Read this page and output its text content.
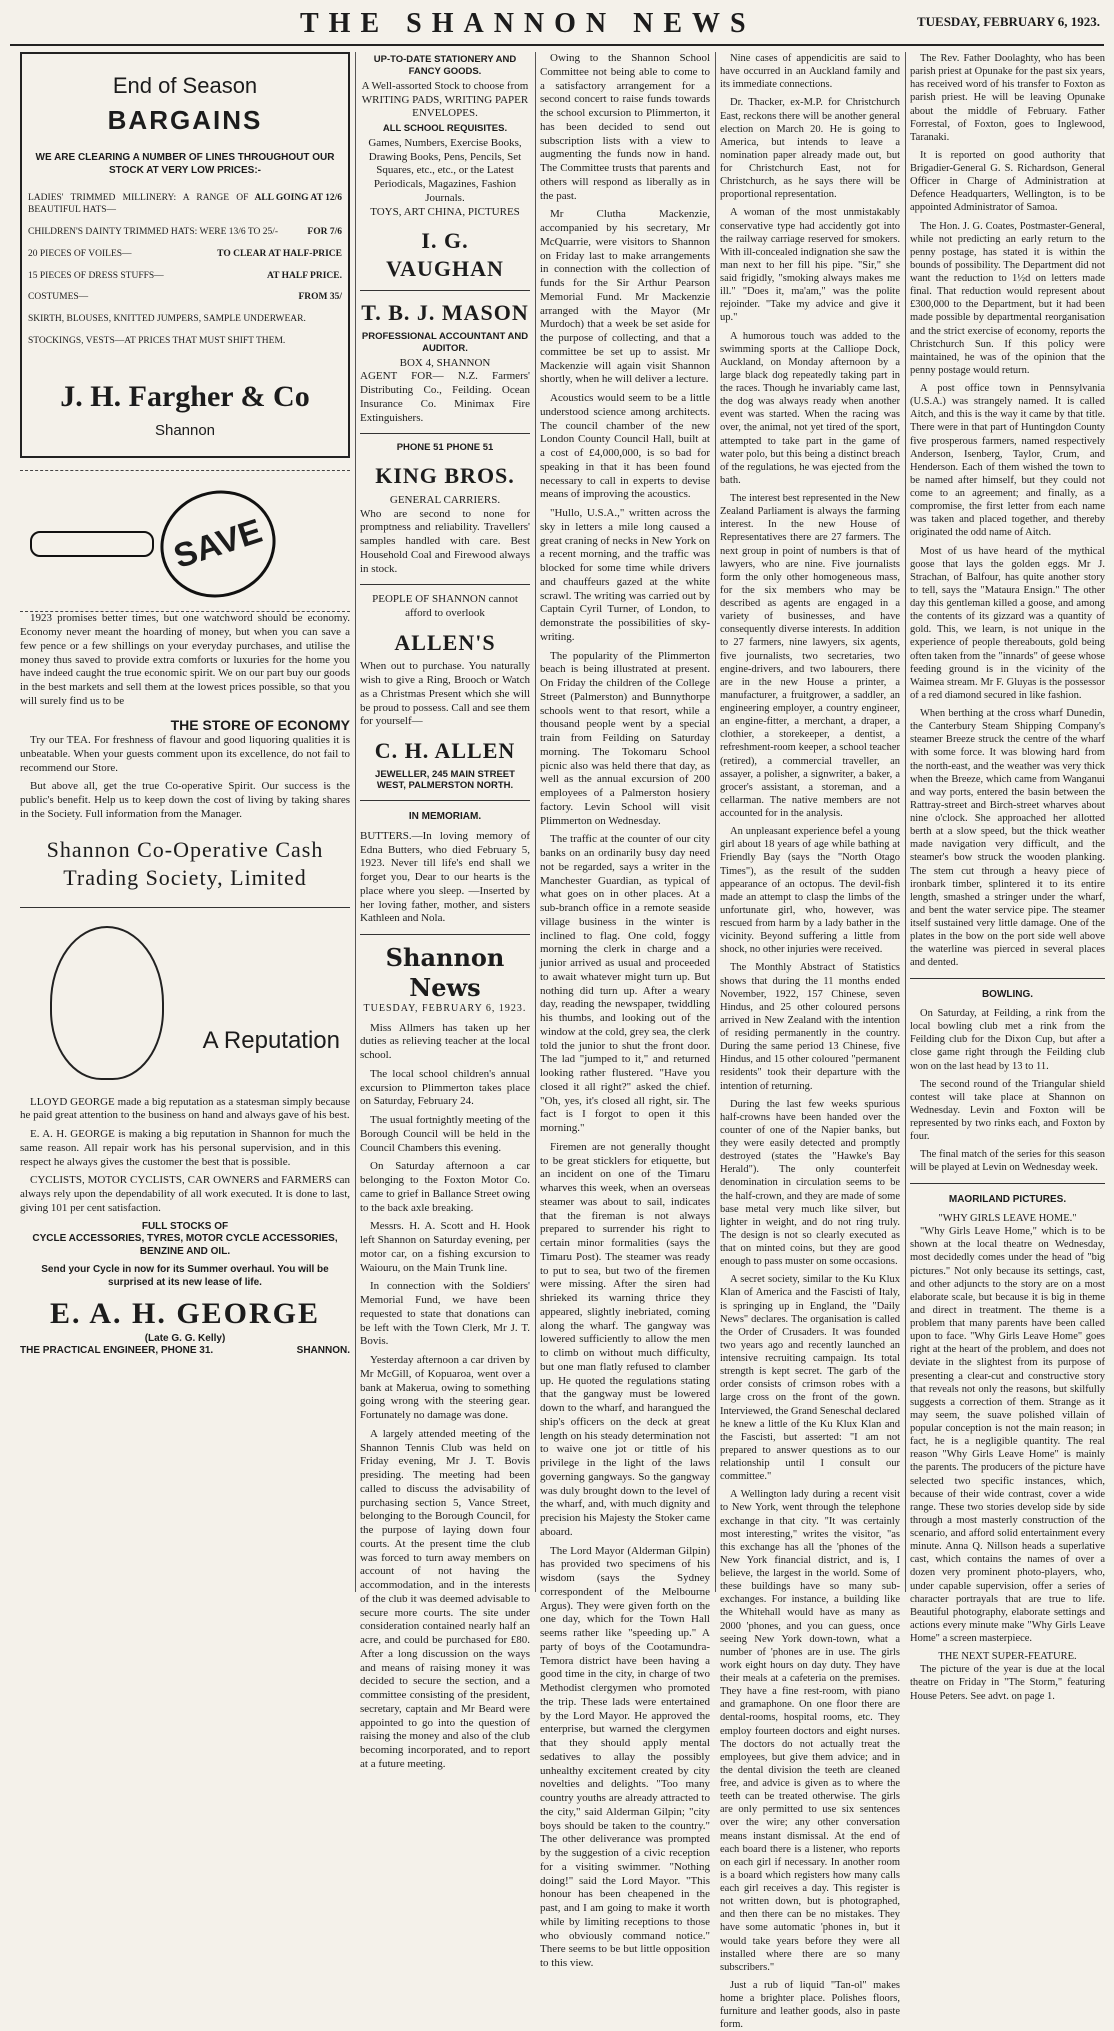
THE SHANNON NEWS	TUESDAY, FEBRUARY 6, 1923.
End of Season
BARGAINS
WE ARE CLEARING A NUMBER OF LINES THROUGHOUT OUR STOCK AT VERY LOW PRICES:-
LADIES' TRIMMED MILLINERY: A RANGE OF BEAUTIFUL HATS—
ALL GOING AT 12/6
CHILDREN'S DAINTY TRIMMED HATS: WERE 13/6 TO 25/-	FOR 7/6
20 PIECES OF VOILES—	TO CLEAR AT HALF-PRICE
15 PIECES OF DRESS STUFFS—	AT HALF PRICE.
COSTUMES—	FROM 35/
SKIRTH, BLOUSES, KNITTED JUMPERS, SAMPLE UNDERWEAR.
STOCKINGS, VESTS—AT PRICES THAT MUST SHIFT THEM.
J. H. Fargher & Co
Shannon
SAVE

1923 promises better times, but one watchword should be economy. Economy never meant the hoarding of money, but when you can save a few pence or a few shillings on your everyday purchases, and utilise the money thus saved to provide extra comforts or luxuries for the home you have indeed caught the true economic spirit. We on our part buy our goods in the best markets and sell them at the lowest prices possible, so that you will surely find us to be

THE STORE OF ECONOMY

Try our TEA. For freshness of flavour and good liquoring qualities it is unbeatable. When your guests comment upon its excellence, do not fail to recommend our Store.

But above all, get the true Co-operative Spirit. Our success is the public's benefit. Help us to keep down the cost of living by taking shares in the Society. Full information from the Manager.

Shannon Co-Operative Cash Trading Society, Limited
A Reputation

LLOYD GEORGE made a big reputation as a statesman simply because he paid great attention to the business on hand and always gave of his best.

E. A. H. GEORGE is making a big reputation in Shannon for much the same reason. All repair work has his personal supervision, and in this respect he always gives the customer the best that is possible.

CYCLISTS, MOTOR CYCLISTS, CAR OWNERS and FARMERS can always rely upon the dependability of all work executed. It is done to last, giving 101 per cent satisfaction.

FULL STOCKS OF
CYCLE ACCESSORIES, TYRES, MOTOR CYCLE ACCESSORIES, BENZINE AND OIL.
Send your Cycle in now for its Summer overhaul. You will be surprised at its new lease of life.
E. A. H. GEORGE
(Late G. G. Kelly)
THE PRACTICAL ENGINEER, PHONE 31.	SHANNON.
UP-TO-DATE STATIONERY AND FANCY GOODS.
A Well-assorted Stock to choose from WRITING PADS, WRITING PAPER ENVELOPES.
ALL SCHOOL REQUISITES.
Games, Numbers, Exercise Books, Drawing Books, Pens, Pencils, Set Squares, etc., etc., or the Latest Periodicals, Magazines, Fashion Journals.
TOYS, ART CHINA, PICTURES
I. G. VAUGHAN
T. B. J. MASON
PROFESSIONAL ACCOUNTANT AND AUDITOR.
BOX 4, SHANNON
AGENT FOR— N.Z. Farmers' Distributing Co., Feilding. Ocean Insurance Co. Minimax Fire Extinguishers.
PHONE 51 PHONE 51
KING BROS.
GENERAL CARRIERS.
Who are second to none for promptness and reliability. Travellers' samples handled with care. Best Household Coal and Firewood always in stock.
PEOPLE OF SHANNON cannot afford to overlook
ALLEN'S
When out to purchase. You naturally wish to give a Ring, Brooch or Watch as a Christmas Present which she will be proud to possess. Call and see them for yourself—
C. H. ALLEN
JEWELLER, 245 MAIN STREET WEST, PALMERSTON NORTH.
IN MEMORIAM.
BUTTERS.—In loving memory of Edna Butters, who died February 5, 1923. Never till life's end shall we forget you, Dear to our hearts is the place where you sleep. —Inserted by her loving father, mother, and sisters Kathleen and Nola.
Shannon News
TUESDAY, FEBRUARY 6, 1923.

Miss Allmers has taken up her duties as relieving teacher at the local school.

The local school children's annual excursion to Plimmerton takes place on Saturday, February 24.

The usual fortnightly meeting of the Borough Council will be held in the Council Chambers this evening.

On Saturday afternoon a car belonging to the Foxton Motor Co. came to grief in Ballance Street owing to the back axle breaking.

Messrs. H. A. Scott and H. Hook left Shannon on Saturday evening, per motor car, on a fishing excursion to Waiouru, on the Main Trunk line.

In connection with the Soldiers' Memorial Fund, we have been requested to state that donations can be left with the Town Clerk, Mr J. T. Bovis.

Yesterday afternoon a car driven by Mr McGill, of Kopuaroa, went over a bank at Makerua, owing to something going wrong with the steering gear. Fortunately no damage was done.

A largely attended meeting of the Shannon Tennis Club was held on Friday evening, Mr J. T. Bovis presiding. The meeting had been called to discuss the advisability of purchasing section 5, Vance Street, belonging to the Borough Council, for the purpose of laying down four courts. At the present time the club was forced to turn away members on account of not having the accommodation, and in the interests of the club it was deemed advisable to secure more courts. The site under consideration contained nearly half an acre, and could be purchased for £80. After a long discussion on the ways and means of raising money it was decided to secure the section, and a committee consisting of the president, secretary, captain and Mr Beard were appointed to go into the question of raising the money and also of the club becoming incorporated, and to report at a future meeting.

Owing to the Shannon School Committee not being able to come to a satisfactory arrangement for a second concert to raise funds towards the school excursion to Plimmerton, it has been decided to send out subscription lists with a view to augmenting the funds now in hand. The Committee trusts that parents and others will respond as liberally as in the past.

Mr Clutha Mackenzie, accompanied by his secretary, Mr McQuarrie, were visitors to Shannon on Friday last to make arrangements in connection with the collection of funds for the Sir Arthur Pearson Memorial Fund. Mr Mackenzie arranged with the Mayor (Mr Murdoch) that a week be set aside for the purpose of collecting, and that a committee be set up to assist. Mr Mackenzie will again visit Shannon shortly, when he will deliver a lecture.

Acoustics would seem to be a little understood science among architects. The council chamber of the new London County Council Hall, built at a cost of £4,000,000, is so bad for speaking in that it has been found necessary to call in experts to devise means of improving the acoustics.

"Hullo, U.S.A.," written across the sky in letters a mile long caused a great craning of necks in New York on a recent morning, and the traffic was blocked for some time while drivers and chauffeurs gazed at the white scrawl. The writing was carried out by Captain Cyril Turner, of London, to demonstrate the possibilities of sky-writing.

The popularity of the Plimmerton beach is being illustrated at present. On Friday the children of the College Street (Palmerston) and Bunnythorpe schools went to that resort, while a thousand people went by a special train from Feilding on Saturday morning. The Tokomaru School picnic also was held there that day, as well as the annual excursion of 200 employees of a Palmerston hosiery factory. Levin School will visit Plimmerton on Wednesday.

The traffic at the counter of our city banks on an ordinarily busy day need not be regarded, says a writer in the Manchester Guardian, as typical of what goes on in other places. At a sub-branch office in a remote seaside village business in the winter is inclined to flag. One cold, foggy morning the clerk in charge and a junior arrived as usual and proceeded to await whatever might turn up. But nothing did turn up. After a weary day, reading the newspaper, twiddling his thumbs, and looking out of the window at the cold, grey sea, the clerk told the junior to shut the front door. The lad "jumped to it," and returned looking rather flustered. "Have you closed it all right?" asked the chief. "Oh, yes, it's closed all right, sir. The fact is I forgot to open it this morning."

Firemen are not generally thought to be great sticklers for etiquette, but an incident on one of the Timaru wharves this week, when an overseas steamer was about to sail, indicates that the fireman is not always prepared to surrender his right to certain minor formalities (says the Timaru Post). The steamer was ready to put to sea, but two of the firemen were missing. After the siren had shrieked its warning thrice they appeared, slightly inebriated, coming along the wharf. The gangway was lowered sufficiently to allow the men to climb on without much difficulty, but one man flatly refused to clamber up. He quoted the regulations stating that the gangway must be lowered down to the wharf, and harangued the ship's officers on the deck at great length on his steady determination not to waive one jot or tittle of his privilege in the light of the laws governing gangways. So the gangway was duly brought down to the level of the wharf, and, with much dignity and precision his Majesty the Stoker came aboard.

The Lord Mayor (Alderman Gilpin) has provided two specimens of his wisdom (says the Sydney correspondent of the Melbourne Argus). They were given forth on the one day, which for the Town Hall seems rather like "speeding up." A party of boys of the Cootamundra-Temora district have been having a good time in the city, in charge of two Methodist clergymen who promoted the trip. These lads were entertained by the Lord Mayor. He approved the enterprise, but warned the clergymen that they should apply mental sedatives to allay the possibly unhealthy excitement created by city novelties and delights. "Too many country youths are already attracted to the city," said Alderman Gilpin; "city boys should be taken to the country." The other deliverance was prompted by the suggestion of a civic reception for a visiting swimmer. "Nothing doing!" said the Lord Mayor. "This honour has been cheapened in the past, and I am going to make it worth while by limiting receptions to those who obviously command notice." There seems to be but little opposition to this view.

Nine cases of appendicitis are said to have occurred in an Auckland family and its immediate connections.

Dr. Thacker, ex-M.P. for Christchurch East, reckons there will be another general election on March 20. He is going to America, but intends to leave a nomination paper already made out, but for Christchurch East, not for Christchurch, as he says there will be proportional representation.

A woman of the most unmistakably conservative type had accidently got into the railway carriage reserved for smokers. With ill-concealed indignation she saw the man next to her fill his pipe. "Sir," she said frigidly, "smoking always makes me ill." "Does it, ma'am," was the polite rejoinder. "Take my advice and give it up."

A humorous touch was added to the swimming sports at the Calliope Dock, Auckland, on Monday afternoon by a large black dog repeatedly taking part in the races. Though he invariably came last, the dog was always ready when another event was started. When the racing was over, the animal, not yet tired of the sport, attempted to take part in the game of water polo, but this being a distinct breach of the regulations, he was ejected from the bath.

The interest best represented in the New Zealand Parliament is always the farming interest. In the new House of Representatives there are 27 farmers. The next group in point of numbers is that of lawyers, who are nine. Five journalists form the only other homogeneous mass, for the six members who may be described as agents are engaged in a variety of businesses, and have consequently diverse interests. In addition to 27 farmers, nine lawyers, six agents, five journalists, two secretaries, two engine-drivers, and two labourers, there are in the new House a printer, a manufacturer, a fruitgrower, a saddler, an engineering employer, a country engineer, an engine-fitter, a merchant, a draper, a clothier, a storekeeper, a dentist, a refreshment-room keeper, a school teacher (retired), a commercial traveller, an assayer, a polisher, a signwriter, a baker, a grocer's assistant, a storeman, and a cellarman. The native members are not accounted for in the analysis.

An unpleasant experience befel a young girl about 18 years of age while bathing at Friendly Bay (says the "North Otago Times"), as the result of the sudden appearance of an octopus. The devil-fish made an attempt to clasp the limbs of the unfortunate girl, who, however, was rescued from harm by a lady bather in the vicinity. Beyond suffering a little from shock, no other injuries were received.

The Monthly Abstract of Statistics shows that during the 11 months ended November, 1922, 157 Chinese, seven Hindus, and 25 other coloured persons arrived in New Zealand with the intention of residing permanently in the country. During the same period 13 Chinese, five Hindus, and 15 other coloured "permanent residents" took their departure with the intention of returning.

During the last few weeks spurious half-crowns have been handed over the counter of one of the Napier banks, but they were easily detected and promptly destroyed (states the "Hawke's Bay Herald"). The only counterfeit denomination in circulation seems to be the half-crown, and they are made of some base metal very much like silver, but lighter in weight, and do not ring truly. The design is not so clearly executed as that on minted coins, but they are good enough to pass muster on some occasions.

A secret society, similar to the Ku Klux Klan of America and the Fascisti of Italy, is springing up in England, the "Daily News" declares. The organisation is called the Order of Crusaders. It was founded two years ago and recently launched an intensive recruiting campaign. Its total strength is kept secret. The garb of the order consists of crimson robes with a large cross on the front of the gown. Interviewed, the Grand Seneschal declared he knew a little of the Ku Klux Klan and the Fascisti, but asserted: "I am not prepared to answer questions as to our relationship until I consult our committee."

A Wellington lady during a recent visit to New York, went through the telephone exchange in that city. "It was certainly most interesting," writes the visitor, "as this exchange has all the 'phones of the New York financial district, and is, I believe, the largest in the world. Some of these buildings have so many sub-exchanges. For instance, a building like the Whitehall would have as many as 2000 'phones, and you can guess, once seeing New York down-town, what a number of 'phones are in use. The girls work eight hours on day duty. They have their meals at a cafeteria on the premises. They have a fine rest-room, with piano and gramaphone. On one floor there are dental-rooms, hospital rooms, etc. They employ fourteen doctors and eight nurses. The doctors do not actually treat the employees, but give them advice; and in the dental division the teeth are cleaned free, and advice is given as to where the teeth can be treated otherwise. The girls are only permitted to use six sentences over the wire; any other conversation means instant dismissal. At the end of each board there is a listener, who reports on each girl if necessary. In another room is a board which registers how many calls each girl receives a day. This register is not written down, but is photographed, and then there can be no mistakes. They have some automatic 'phones in, but it would take years before they were all installed where there are so many subscribers."

Just a rub of liquid "Tan-ol" makes home a brighter place. Polishes floors, furniture and leather goods, also in paste form.

The Rev. Father Doolaghty, who has been parish priest at Opunake for the past six years, has received word of his transfer to Foxton as parish priest. He will be leaving Opunake about the middle of February. Father Forrestal, of Foxton, goes to Inglewood, Taranaki.

It is reported on good authority that Brigadier-General G. S. Richardson, General Officer in Charge of Administration at Defence Headquarters, Wellington, is to be appointed Administrator of Samoa.

The Hon. J. G. Coates, Postmaster-General, while not predicting an early return to the penny postage, has stated it is within the bounds of possibility. The Department did not want the reduction to 1½d on letters made final. That reduction would represent about £300,000 to the Department, but it had been made possible by departmental reorganisation and the strict exercise of economy, reports the Christchurch Sun. If this policy were maintained, he was of the opinion that the penny postage would return.

A post office town in Pennsylvania (U.S.A.) was strangely named. It is called Aitch, and this is the way it came by that title. There were in that part of Huntingdon County five prosperous farmers, named respectively Anderson, Isenberg, Taylor, Crum, and Henderson. Each of them wished the town to be named after himself, but they could not come to an agreement; and finally, as a compromise, the first letter from each name was taken and placed together, and thereby originated the odd name of Aitch.

Most of us have heard of the mythical goose that lays the golden eggs. Mr J. Strachan, of Balfour, has quite another story to tell, says the "Mataura Ensign." The other day this gentleman killed a goose, and among the contents of its gizzard was a quantity of gold. This, we learn, is not unique in the experience of people thereabouts, gold being often taken from the "innards" of geese whose feeding ground is in the vicinity of the Waimea stream. Mr F. Gluyas is the possessor of a red diamond secured in like fashion.

When berthing at the cross wharf Dunedin, the Canterbury Steam Shipping Company's steamer Breeze struck the centre of the wharf with some force. It was blowing hard from the north-east, and the weather was very thick when the Breeze, which came from Wanganui and way ports, entered the basin between the Rattray-street and Birch-street wharves about nine o'clock. She approached her allotted berth at a slow speed, but the thick weather made navigation very difficult, and the steamer's bow struck the wooden planking. The stem cut through a heavy piece of ironbark timber, splintered it to its entire length, smashed a stringer under the wharf, and bent the water service pipe. The steamer itself sustained very little damage. One of the plates in the bow on the port side well above the waterline was pierced in several places and dented.

BOWLING.

On Saturday, at Feilding, a rink from the local bowling club met a rink from the Feilding club for the Dixon Cup, but after a close game right through the Feilding club won on the last head by 13 to 11.

The second round of the Triangular shield contest will take place at Shannon on Wednesday. Levin and Foxton will be represented by two rinks each, and Foxton by four.

The final match of the series for this season will be played at Levin on Wednesday week.

MAORILAND PICTURES.
"WHY GIRLS LEAVE HOME."

"Why Girls Leave Home," which is to be shown at the local theatre on Wednesday, most decidedly comes under the head of "big pictures." Not only because its settings, cast, and other adjuncts to the story are on a most elaborate scale, but because it is big in theme and direct in treatment. The theme is a problem that many parents have been called upon to face. "Why Girls Leave Home" goes right at the heart of the problem, and does not deviate in the slightest from its purpose of presenting a clear-cut and constructive story that reveals not only the reasons, but skilfully suggests a correction of them. Strange as it may seem, the suave polished villain of popular conception is not the main reason; in fact, he is a negligible quantity. The real reason "Why Girls Leave Home" is mainly the parents. The producers of the picture have selected two specific instances, which, because of their wide contrast, cover a wide range. These two stories develop side by side through a most masterly construction of the scenario, and afford solid entertainment every minute. Anna Q. Nillson heads a superlative cast, which contains the names of over a dozen very prominent photo-players, who, under capable supervision, offer a series of character portrayals that are true to life. Beautiful photography, elaborate settings and actions every minute make "Why Girls Leave Home" a screen masterpiece.

THE NEXT SUPER-FEATURE.

The picture of the year is due at the local theatre on Friday in "The Storm," featuring House Peters. See advt. on page 1.
